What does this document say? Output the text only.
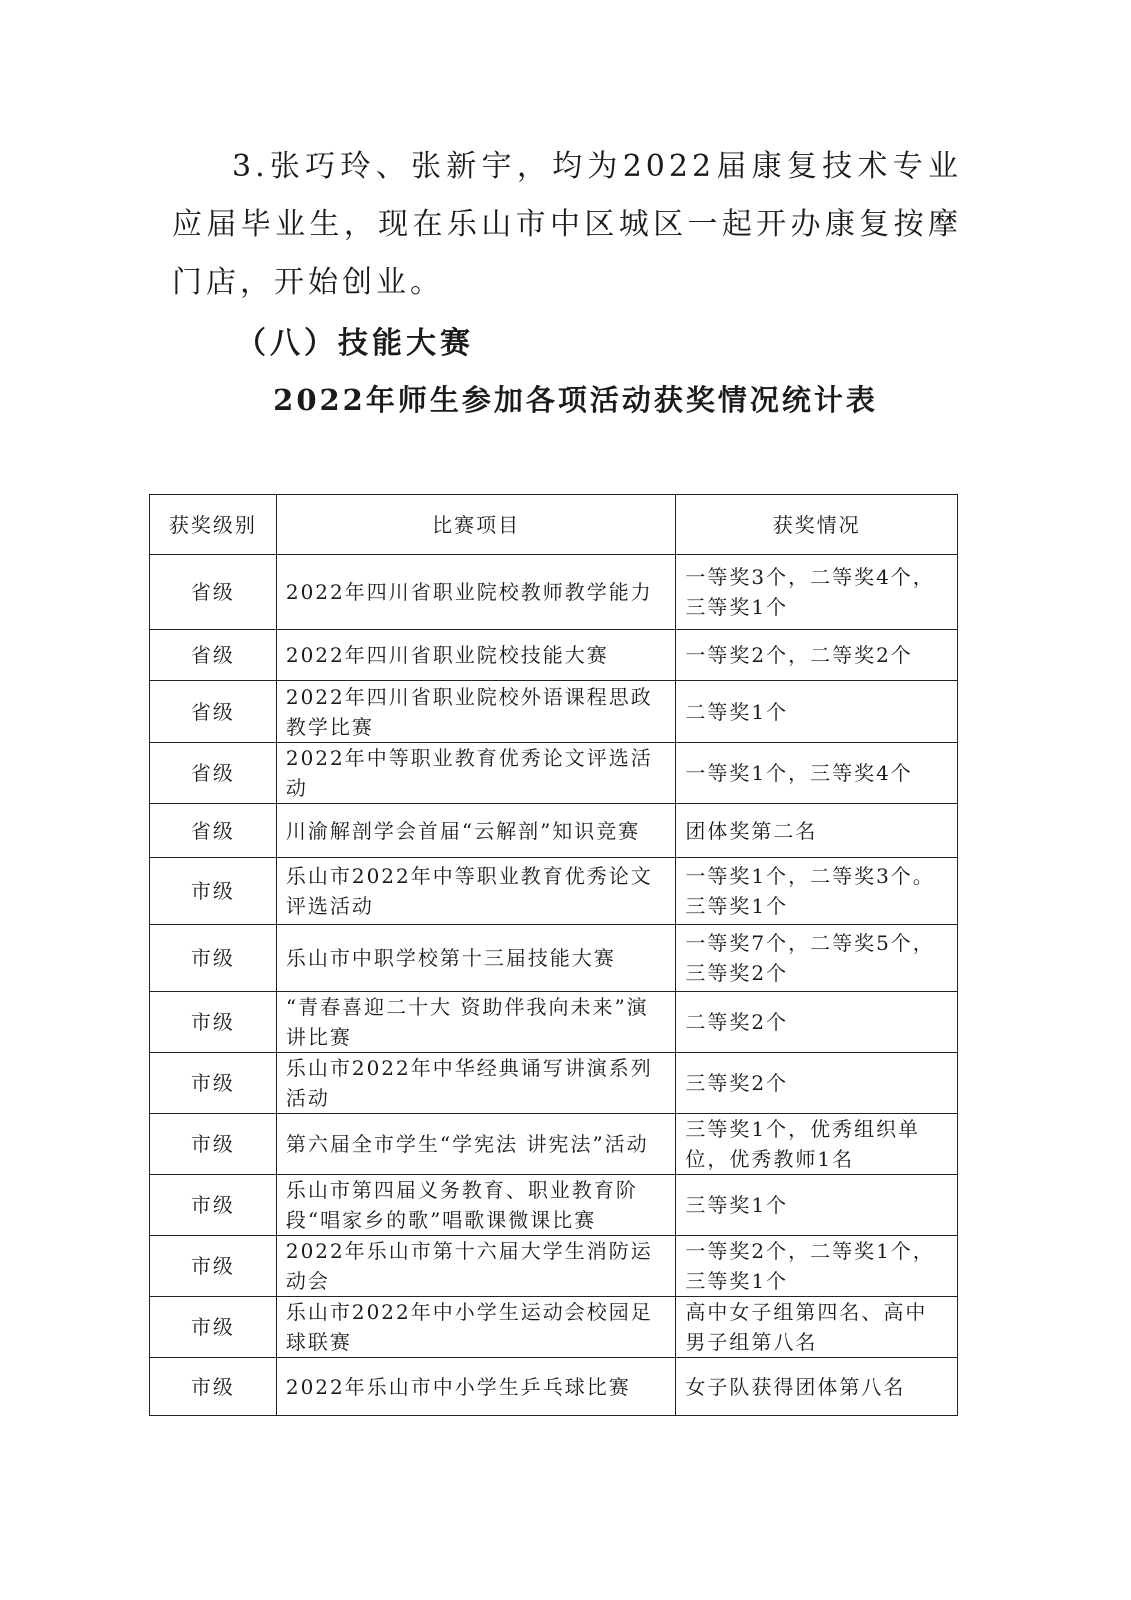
3.张巧玲、张新宇，均为2022届康复技术专业应届毕业生，现在乐山市中区城区一起开办康复按摩门店，开始创业。

（八）技能大赛
2022年师生参加各项活动获奖情况统计表
获奖级别	比赛项目	获奖情况
省级	2022年四川省职业院校教师教学能力	一等奖3个，二等奖4个，三等奖1个
省级	2022年四川省职业院校技能大赛	一等奖2个，二等奖2个
省级	2022年四川省职业院校外语课程思政教学比赛	二等奖1个
省级	2022年中等职业教育优秀论文评选活动	一等奖1个，三等奖4个
省级	川渝解剖学会首届“云解剖”知识竞赛	团体奖第二名
市级	乐山市2022年中等职业教育优秀论文评选活动	一等奖1个，二等奖3个。三等奖1个
市级	乐山市中职学校第十三届技能大赛	一等奖7个，二等奖5个，三等奖2个
市级	“青春喜迎二十大 资助伴我向未来”演讲比赛	二等奖2个
市级	乐山市2022年中华经典诵写讲演系列活动	三等奖2个
市级	第六届全市学生“学宪法 讲宪法”活动	三等奖1个，优秀组织单位，优秀教师1名
市级	乐山市第四届义务教育、职业教育阶段“唱家乡的歌”唱歌课微课比赛	三等奖1个
市级	2022年乐山市第十六届大学生消防运动会	一等奖2个，二等奖1个，三等奖1个
市级	乐山市2022年中小学生运动会校园足球联赛	高中女子组第四名、高中男子组第八名
市级	2022年乐山市中小学生乒乓球比赛	女子队获得团体第八名
